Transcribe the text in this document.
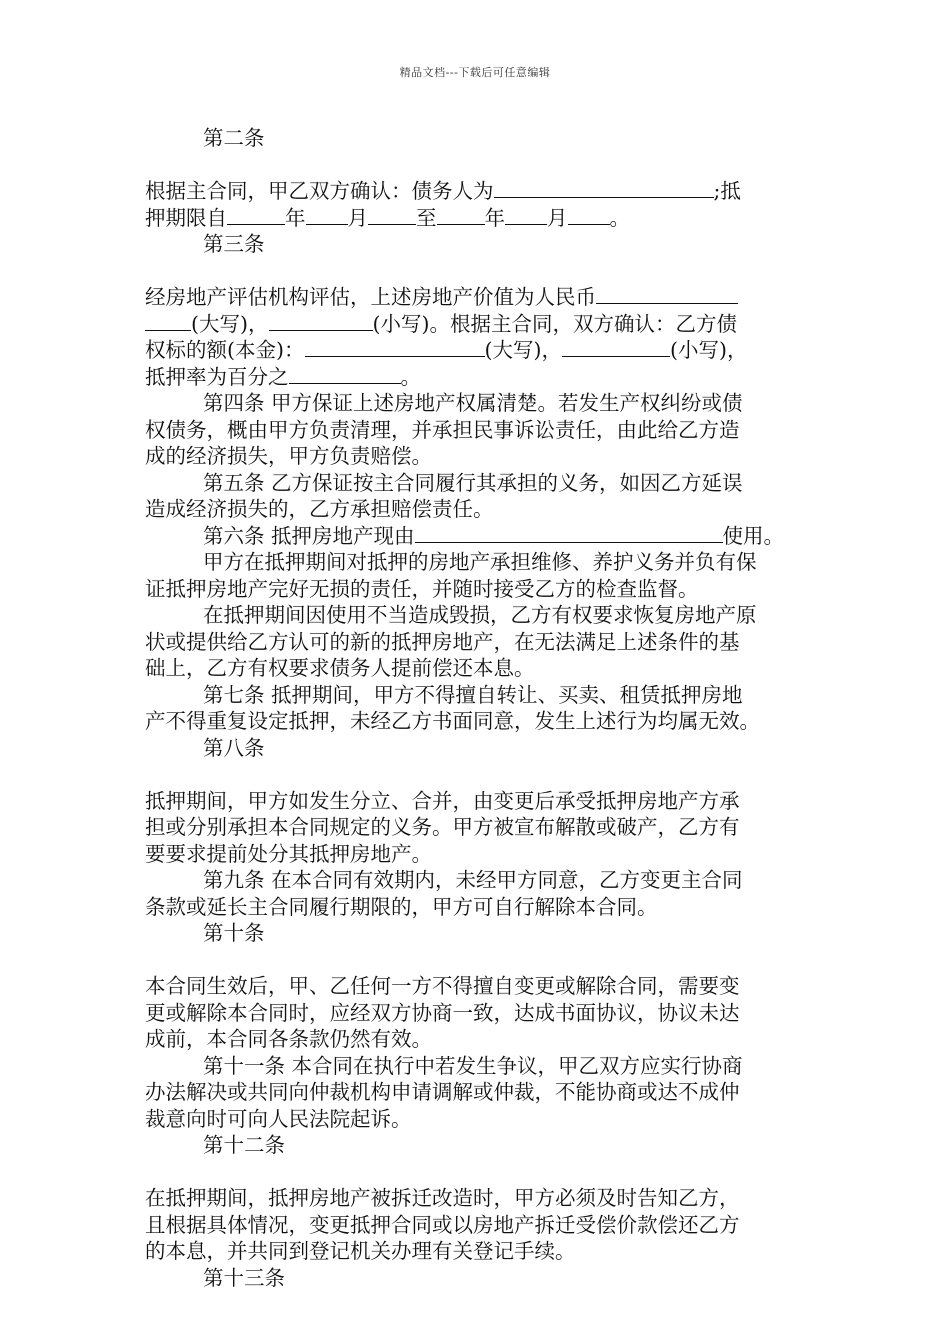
精品文档---下载后可任意编辑
第二条
根据主合同，甲乙双方确认：债务人为	;抵
押期限自	年 月 至 年 月 。
第三条
经房地产评估机构评估，上述房地产价值为人民币
(大写)，	(小写)。根据主合同，双方确认：乙方债
权标的额(本金)：	(大写)，	(小写)，
抵押率为百分之	。
第四条 甲方保证上述房地产权属清楚。若发生产权纠纷或债
权债务，概由甲方负责清理，并承担民事诉讼责任，由此给乙方造
成的经济损失，甲方负责赔偿。
第五条 乙方保证按主合同履行其承担的义务，如因乙方延误
造成经济损失的，乙方承担赔偿责任。
第六条 抵押房地产现由	使用。
甲方在抵押期间对抵押的房地产承担维修、养护义务并负有保
证抵押房地产完好无损的责任，并随时接受乙方的检查监督。
在抵押期间因使用不当造成毁损，乙方有权要求恢复房地产原
状或提供给乙方认可的新的抵押房地产，在无法满足上述条件的基
础上，乙方有权要求债务人提前偿还本息。
第七条 抵押期间，甲方不得擅自转让、买卖、租赁抵押房地
产不得重复设定抵押，未经乙方书面同意，发生上述行为均属无效。
第八条
抵押期间，甲方如发生分立、合并，由变更后承受抵押房地产方承
担或分别承担本合同规定的义务。甲方被宣布解散或破产，乙方有
要要求提前处分其抵押房地产。
第九条 在本合同有效期内，未经甲方同意，乙方变更主合同
条款或延长主合同履行期限的，甲方可自行解除本合同。
第十条
本合同生效后，甲、乙任何一方不得擅自变更或解除合同，需要变
更或解除本合同时，应经双方协商一致，达成书面协议，协议未达
成前，本合同各条款仍然有效。
第十一条 本合同在执行中若发生争议，甲乙双方应实行协商
办法解决或共同向仲裁机构申请调解或仲裁，不能协商或达不成仲
裁意向时可向人民法院起诉。
第十二条
在抵押期间，抵押房地产被拆迁改造时，甲方必须及时告知乙方，
且根据具体情况，变更抵押合同或以房地产拆迁受偿价款偿还乙方
的本息，并共同到登记机关办理有关登记手续。
第十三条
